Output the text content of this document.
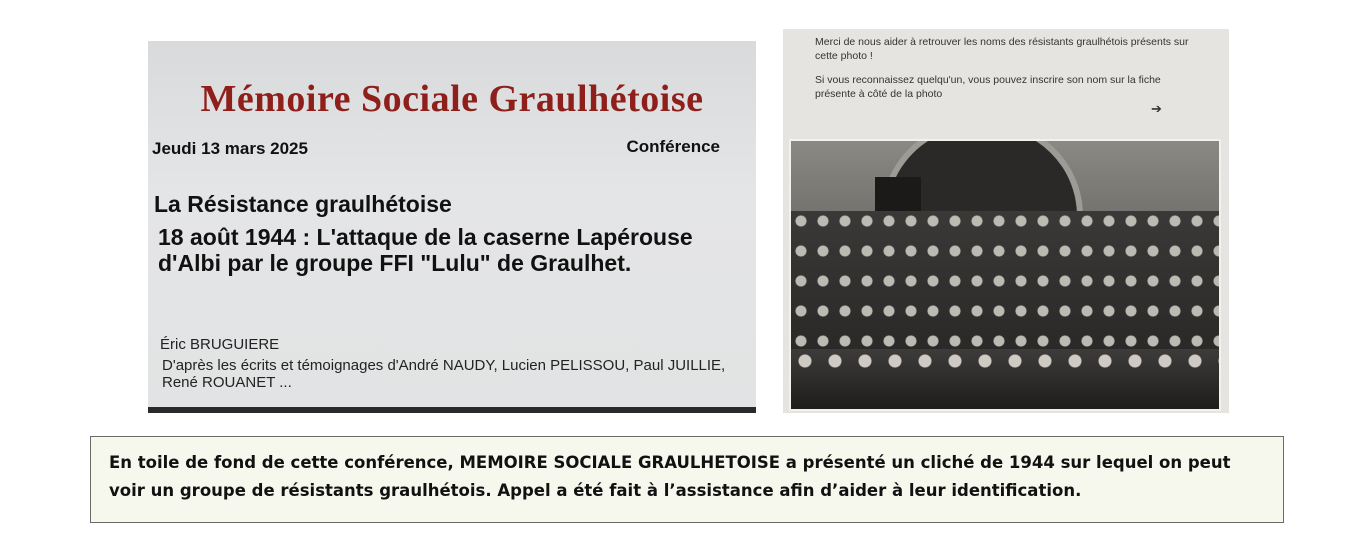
Mémoire Sociale Graulhétoise
Jeudi 13 mars 2025	Conférence
La Résistance graulhétoise
18 août 1944 : L'attaque de la caserne Lapérouse d'Albi par le groupe FFI "Lulu" de Graulhet.
Éric BRUGUIERE
D'après les écrits et témoignages d'André NAUDY, Lucien PELISSOU, Paul JUILLIE, René ROUANET ...

Merci de nous aider à retrouver les noms des résistants graulhétois présents sur cette photo !

Si vous reconnaissez quelqu'un, vous pouvez inscrire son nom sur la fiche présente à côté de la photo

➔
En toile de fond de cette conférence, MEMOIRE SOCIALE GRAULHETOISE a présenté un cliché de 1944 sur lequel on peut voir un groupe de résistants graulhétois. Appel a été fait à l’assistance afin d’aider à leur identification.
